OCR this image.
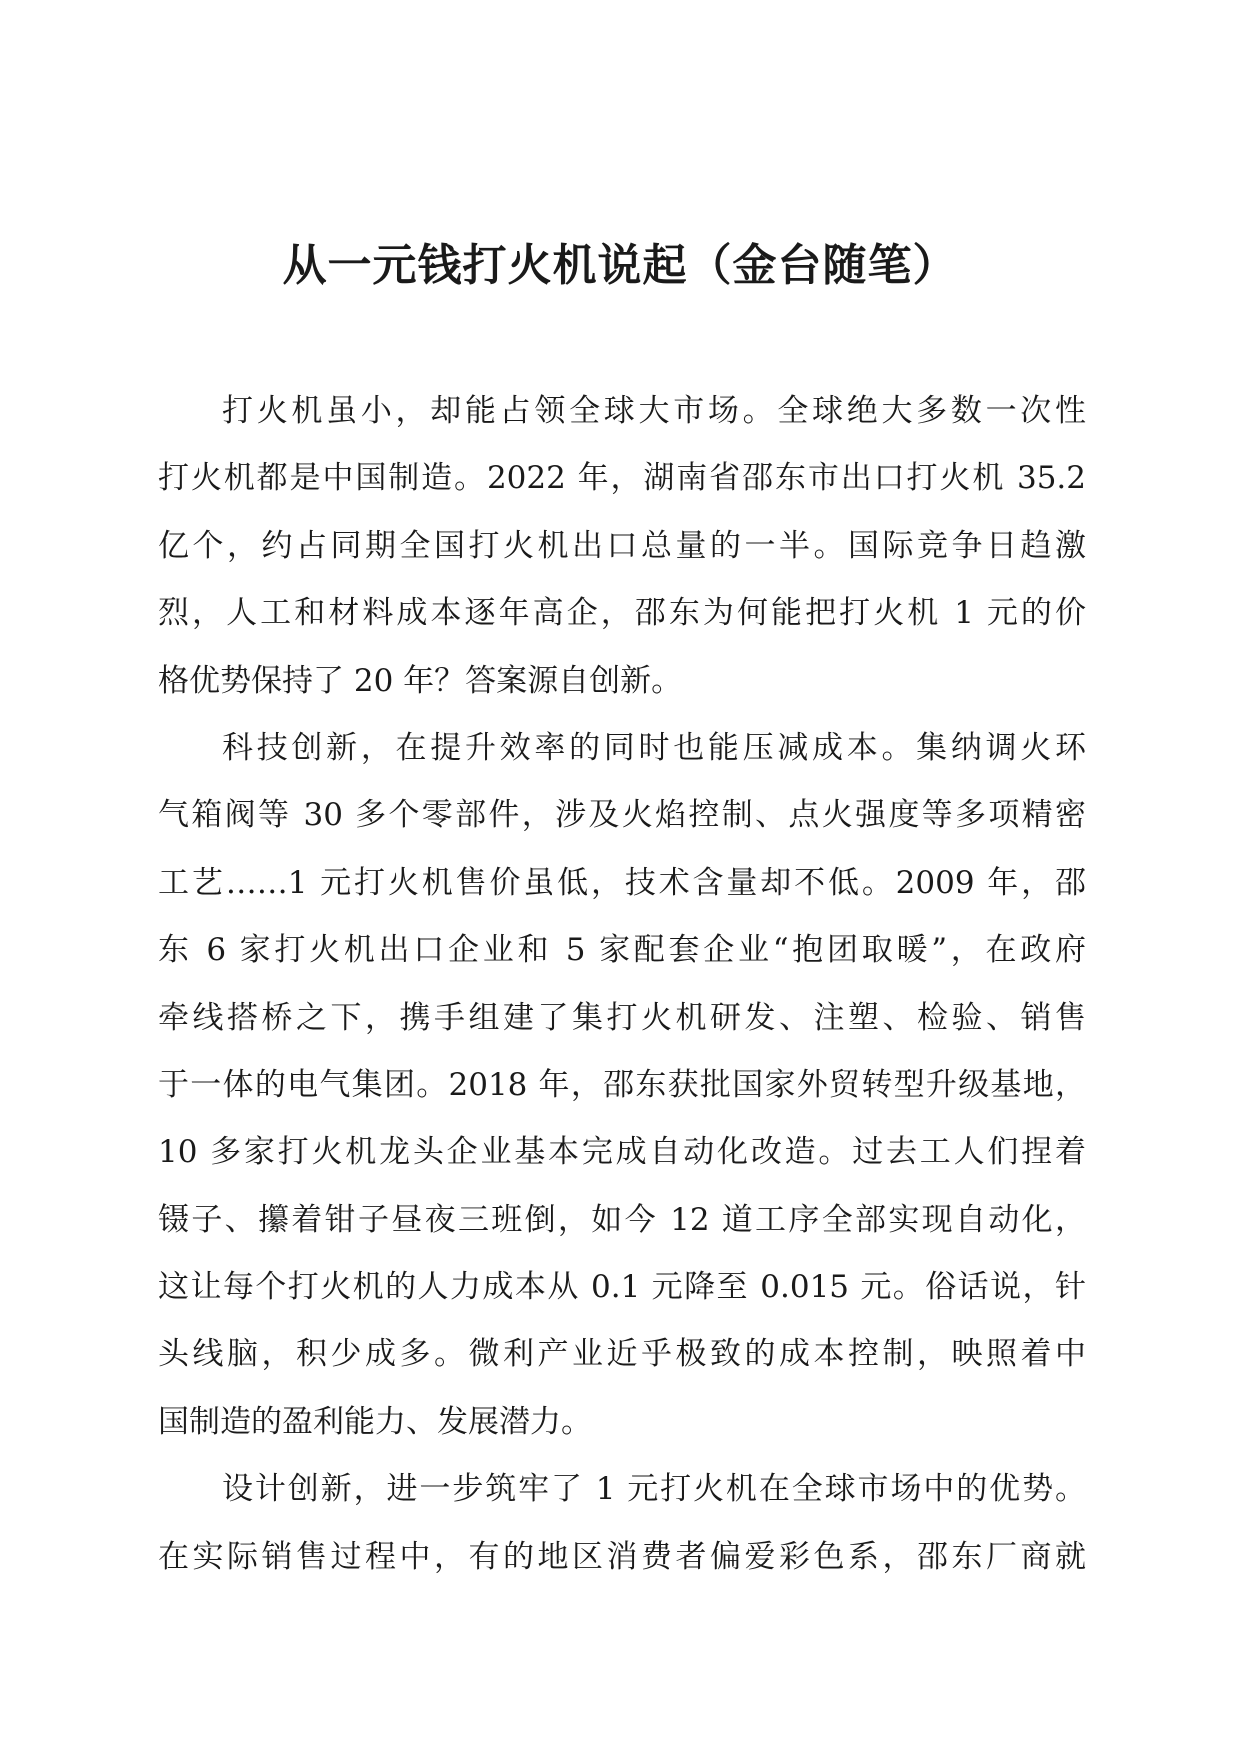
从一元钱打火机说起（金台随笔）
打火机虽小，却能占领全球大市场。全球绝大多数一次性
打火机都是中国制造。2022 年，湖南省邵东市出口打火机 35.2
亿个，约占同期全国打火机出口总量的一半。国际竞争日趋激
烈，人工和材料成本逐年高企，邵东为何能把打火机 1 元的价
格优势保持了 20 年？答案源自创新。
科技创新，在提升效率的同时也能压减成本。集纳调火环
气箱阀等 30 多个零部件，涉及火焰控制、点火强度等多项精密
工艺……1 元打火机售价虽低，技术含量却不低。2009 年，邵
东 6 家打火机出口企业和 5 家配套企业“抱团取暖”，在政府
牵线搭桥之下，携手组建了集打火机研发、注塑、检验、销售
于一体的电气集团。2018 年，邵东获批国家外贸转型升级基地，
10 多家打火机龙头企业基本完成自动化改造。过去工人们捏着
镊子、攥着钳子昼夜三班倒，如今 12 道工序全部实现自动化，
这让每个打火机的人力成本从 0.1 元降至 0.015 元。俗话说，针
头线脑，积少成多。微利产业近乎极致的成本控制，映照着中
国制造的盈利能力、发展潜力。
设计创新，进一步筑牢了 1 元打火机在全球市场中的优势。
在实际销售过程中，有的地区消费者偏爱彩色系，邵东厂商就
